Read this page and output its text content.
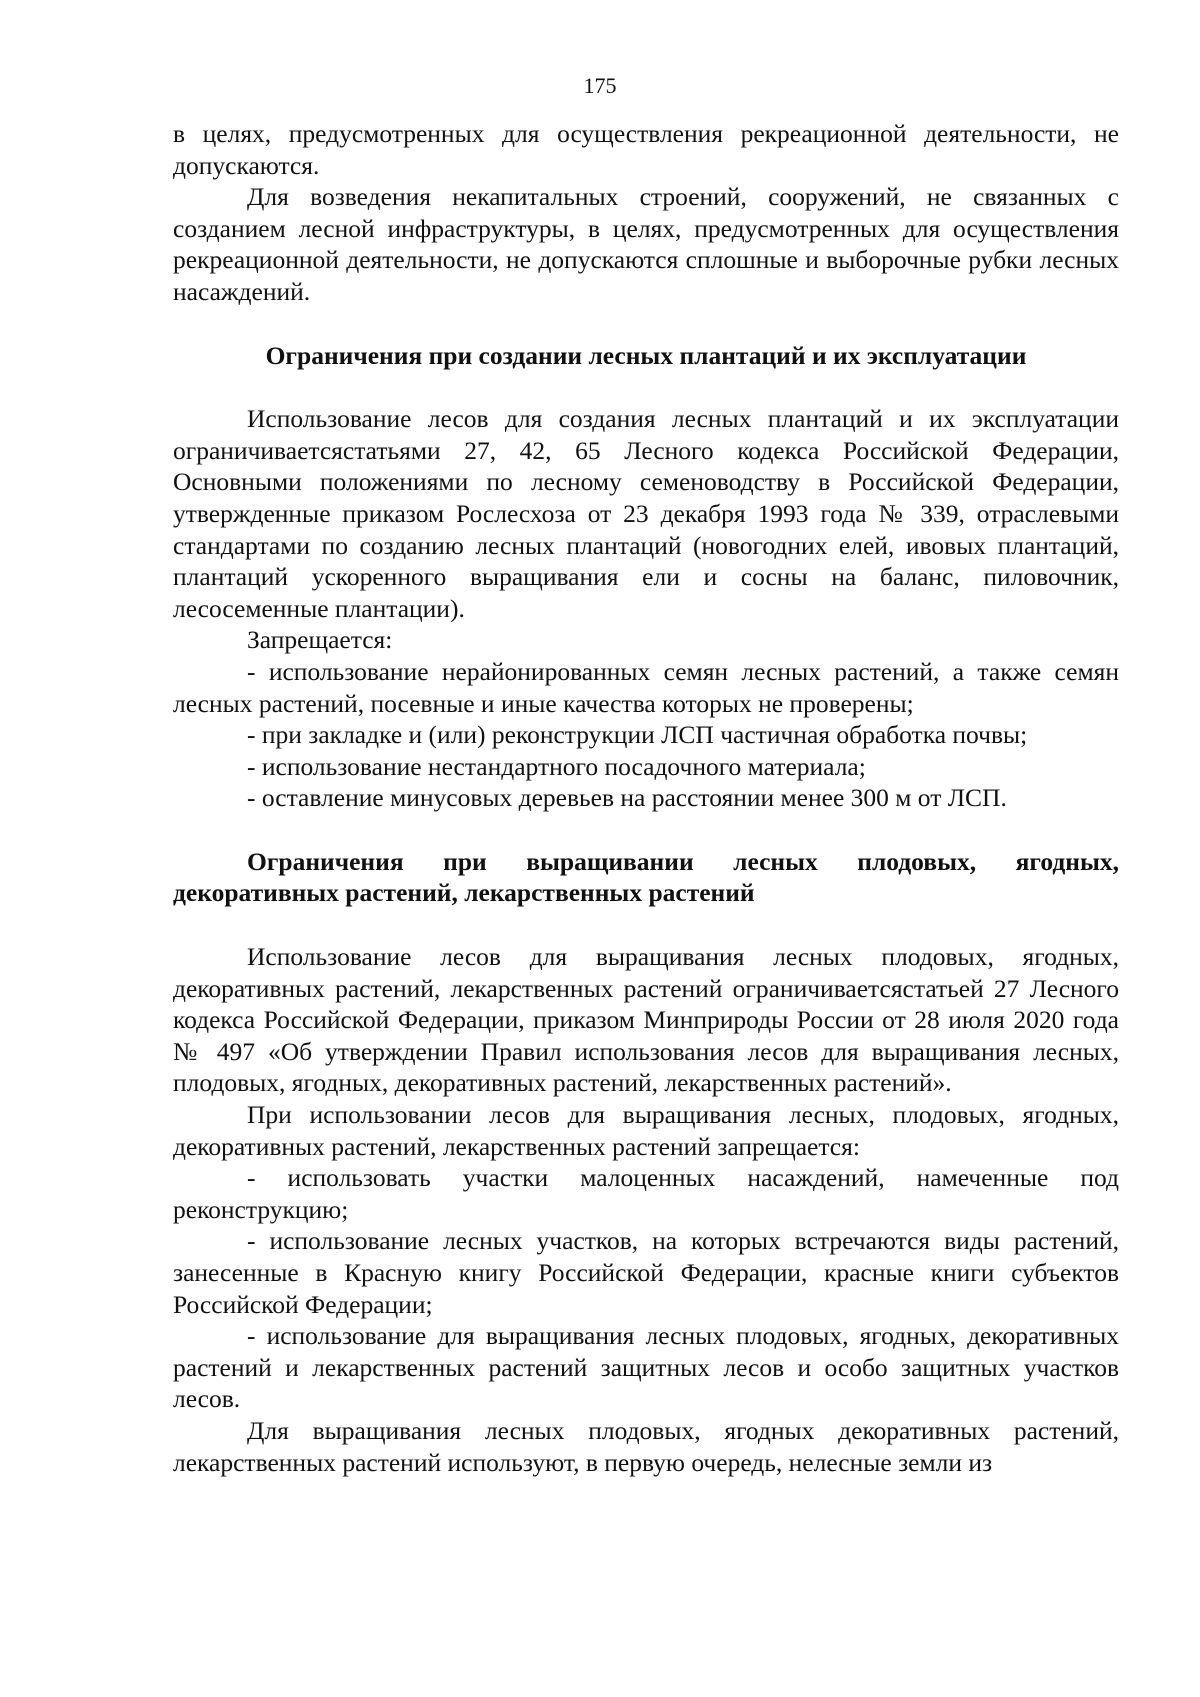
175

в целях, предусмотренных для осуществления рекреационной деятельности, не допускаются.

Для возведения некапитальных строений, сооружений, не связанных с созданием лесной инфраструктуры, в целях, предусмотренных для осуществления рекреационной деятельности, не допускаются сплошные и выборочные рубки лесных насаждений.

Ограничения при создании лесных плантаций и их эксплуатации

Использование лесов для создания лесных плантаций и их эксплуатации ограничиваетсястатьями 27, 42, 65 Лесного кодекса Российской Федерации, Основными положениями по лесному семеноводству в Российской Федерации, утвержденные приказом Рослесхоза от 23 декабря 1993 года № 339, отраслевыми стандартами по созданию лесных плантаций (новогодних елей, ивовых плантаций, плантаций ускоренного выращивания ели и сосны на баланс, пиловочник, лесосеменные плантации).

Запрещается:

- использование нерайонированных семян лесных растений, а также семян лесных растений, посевные и иные качества которых не проверены;

- при закладке и (или) реконструкции ЛСП частичная обработка почвы;

- использование нестандартного посадочного материала;

- оставление минусовых деревьев на расстоянии менее 300 м от ЛСП.

Ограничения при выращивании лесных плодовых, ягодных, декоративных растений, лекарственных растений

Использование лесов для выращивания лесных плодовых, ягодных, декоративных растений, лекарственных растений ограничиваетсястатьей 27 Лесного кодекса Российской Федерации, приказом Минприроды России от 28 июля 2020 года № 497 «Об утверждении Правил использования лесов для выращивания лесных, плодовых, ягодных, декоративных растений, лекарственных растений».

При использовании лесов для выращивания лесных, плодовых, ягодных, декоративных растений, лекарственных растений запрещается:

- использовать участки малоценных насаждений, намеченные под реконструкцию;

- использование лесных участков, на которых встречаются виды растений, занесенные в Красную книгу Российской Федерации, красные книги субъектов Российской Федерации;

- использование для выращивания лесных плодовых, ягодных, декоративных растений и лекарственных растений защитных лесов и особо защитных участков лесов.

Для выращивания лесных плодовых, ягодных декоративных растений, лекарственных растений используют, в первую очередь, нелесные земли из
